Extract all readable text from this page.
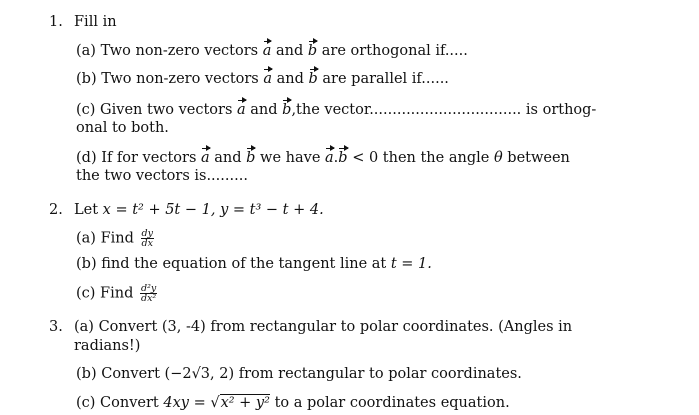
1. Fill in
(a) Two non-zero vectors a and b are orthogonal if.....
(b) Two non-zero vectors a and b are parallel if......
(c) Given two vectors a and b,the vector................................. is orthog-
onal to both.
(d) If for vectors a and b we have a.b < 0 then the angle θ between
the two vectors is.........
2. Let x = t² + 5t − 1, y = t³ − t + 4.
(a) Find $\frac{dy}{dx}$
(b) find the equation of the tangent line at t = 1.
(c) Find $\frac{\text{d²y}}{\text{dx²}}$
3. (a) Convert (3, -4) from rectangular to polar coordinates. (Angles in
radians!)
(b) Convert (−2√3, 2) from rectangular to polar coordinates.
(c) Convert 4xy = √x² + y² to a polar coordinates equation.
